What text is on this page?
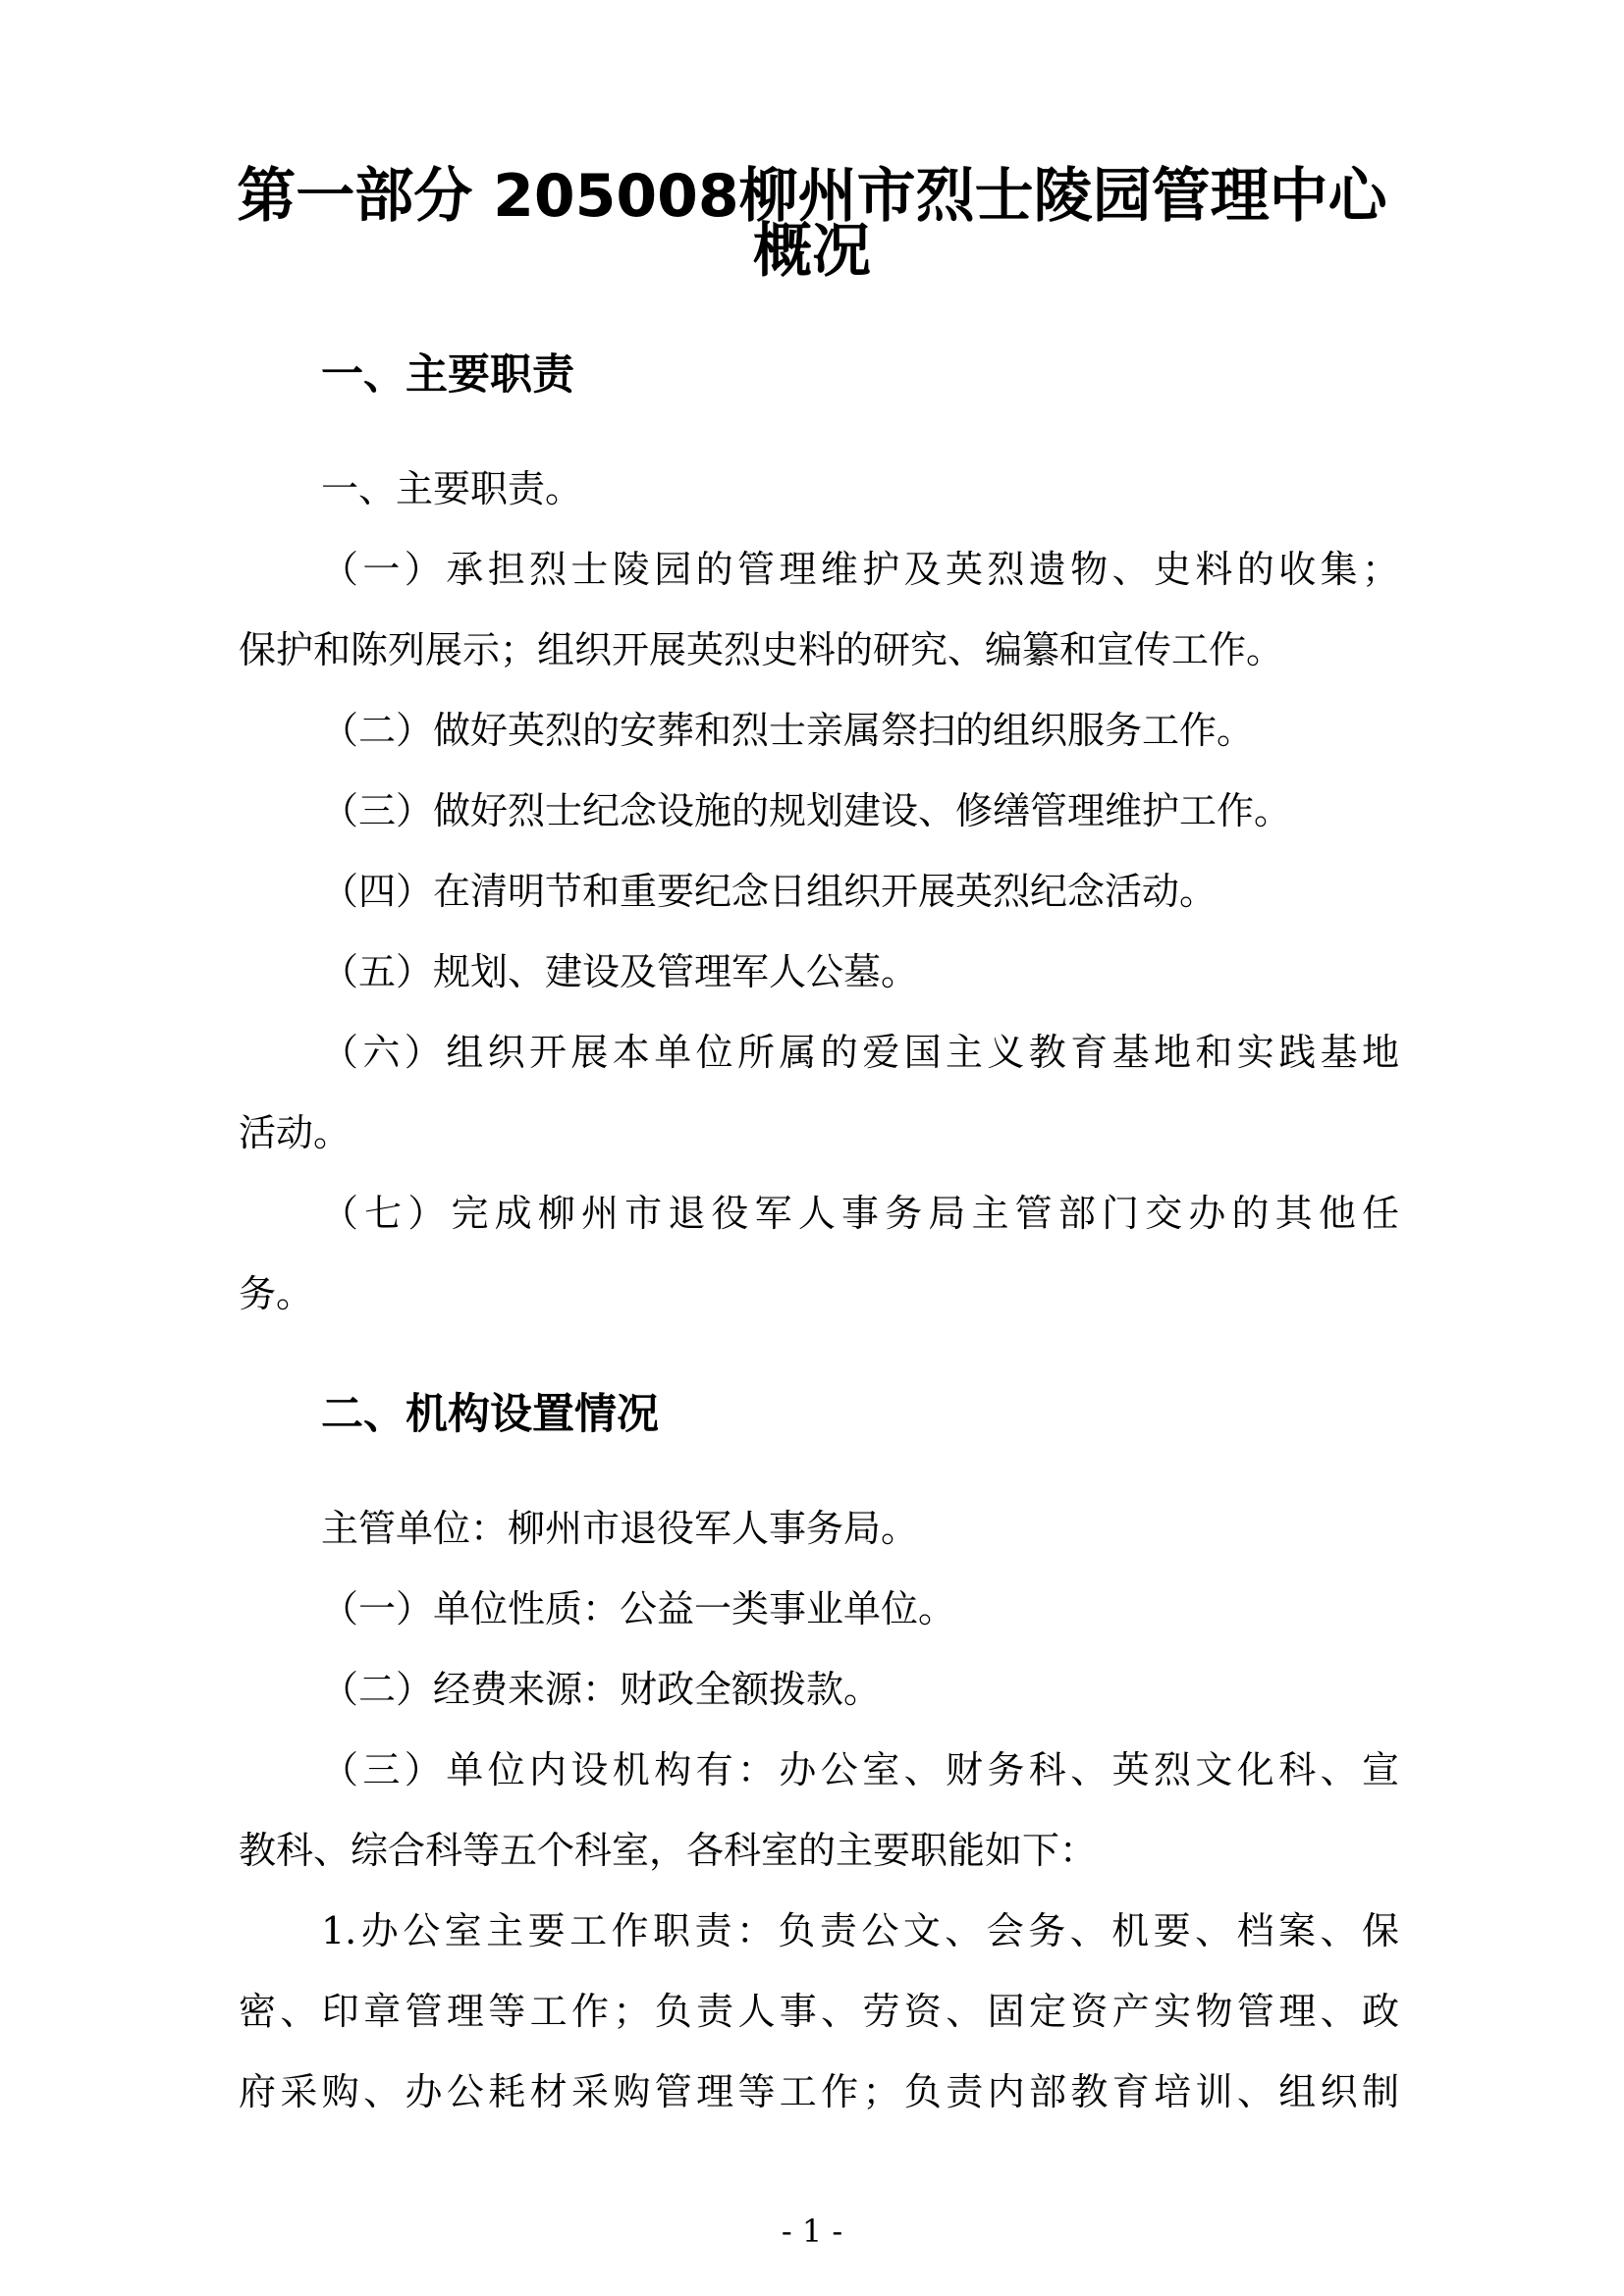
第一部分 205008柳州市烈士陵园管理中心
概况
一、主要职责
一、主要职责。
（一）承担烈士陵园的管理维护及英烈遗物、史料的收集；
保护和陈列展示；组织开展英烈史料的研究、编纂和宣传工作。
（二）做好英烈的安葬和烈士亲属祭扫的组织服务工作。
（三）做好烈士纪念设施的规划建设、修缮管理维护工作。
（四）在清明节和重要纪念日组织开展英烈纪念活动。
（五）规划、建设及管理军人公墓。
（六）组织开展本单位所属的爱国主义教育基地和实践基地
活动。
（七）完成柳州市退役军人事务局主管部门交办的其他任
务。
二、机构设置情况
主管单位：柳州市退役军人事务局。
（一）单位性质：公益一类事业单位。
（二）经费来源：财政全额拨款。
（三）单位内设机构有：办公室、财务科、英烈文化科、宣
教科、综合科等五个科室，各科室的主要职能如下：
1.办公室主要工作职责：负责公文、会务、机要、档案、保
密、印章管理等工作；负责人事、劳资、固定资产实物管理、政
府采购、办公耗材采购管理等工作；负责内部教育培训、组织制
- 1 -
